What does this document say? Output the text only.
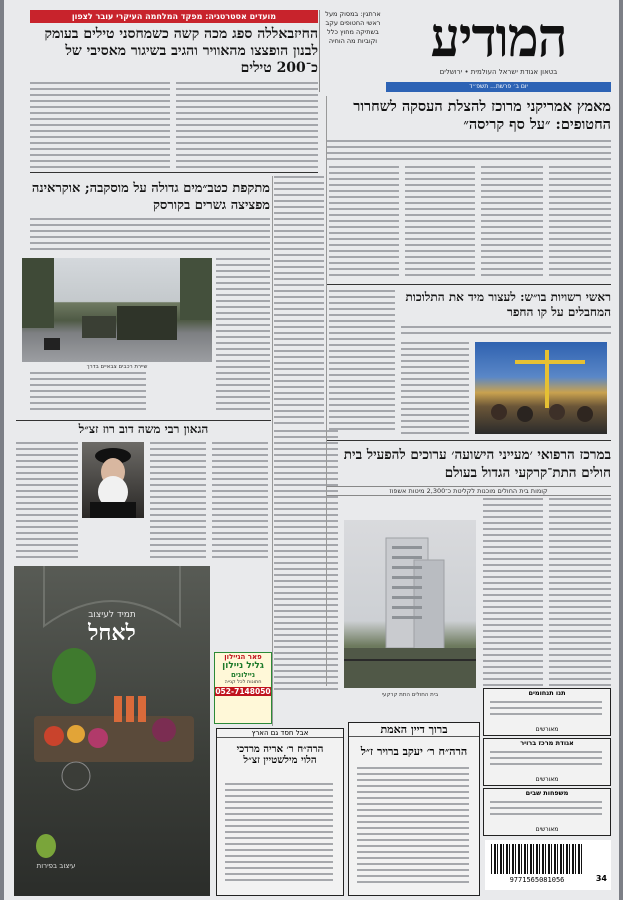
המודיע
בטאון אגודת ישראל העולמית • ירושלים
יום ב׳ פרשת... תשפ״ד
ארתגין: במסוק מעל ראשי החטופים עקב בשתיקה מחוץ כלל וקוביות מה הוחיה
מועדים אסטרטגיה: מפקד המלחמה העיקרי עובר לצפון
החיזבאללה ספג מכה קשה כשמחסני טילים בעומק לבנון הופצצו מהאוויר והגיב בשיגור מאסיבי של כ־200 טילים
מתקפת כטב״מים גדולה על מוסקבה; אוקראינה מפציצה גשרים בקורסק
שיירת רכבים צבאיים בדרך
מאמץ אמריקני מרוכז להצלת העסקה לשחרור החטופים: ״על סף קריסה״
ראשי רשויות בו״ש: לעצור מיד את התלוכות המחבלים על קו החפר
במרכז הרפואי ׳מעייני הישועה׳ ערוכים להפעיל בית חולים התת־קרקעי הגדול בעולם
קומות בית החולים מוכנות לקליטת כ־2,300 מיטות אשפוז
בית החולים התת קרקעי
הגאון רבי משה דוב רוז זצ״ל
תמיד לעיצוב
לאחל
עיצוב בפירות
פאר הגיילון
גליל ניילון
ניילונים
חתונות לכל קנייה
052-7148050
אבל חסד גם הארץ
הרה״ח ר׳ אריה מרדכי
הלוי מילשטיין זצ״ל
ברוך דיין האמת
הרה״ח ר׳ יעקב ברויר ז״ל
תנו תנחומים
מאורשים
אגודת מרכז ברויר
מאורשים
משפחות שבים
מאורשים
9771565081056	34
